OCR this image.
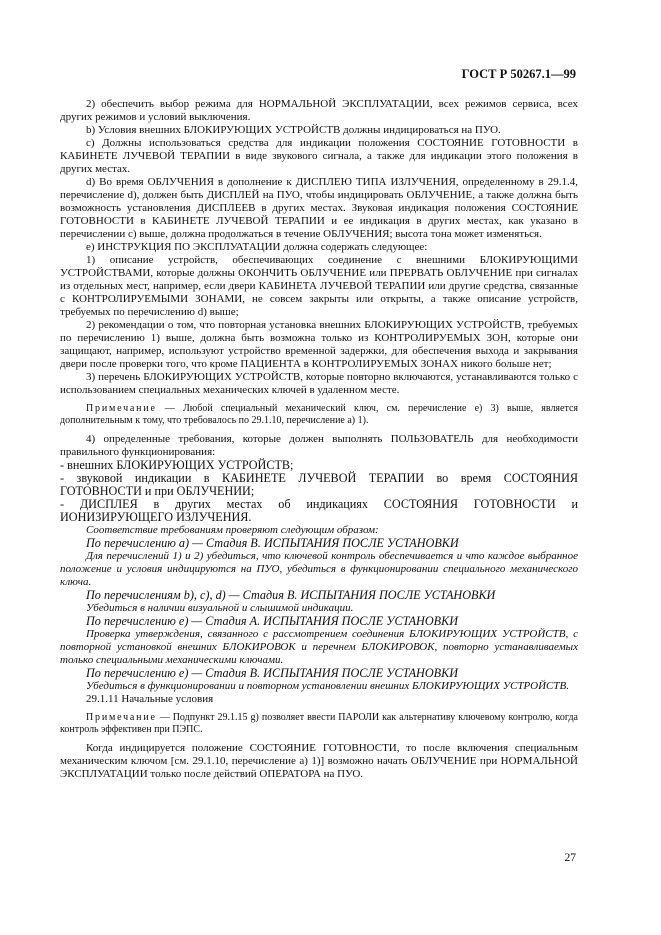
ГОСТ Р 50267.1—99

2) обеспечить выбор режима для НОРМАЛЬНОЙ ЭКСПЛУАТАЦИИ, всех режимов сервиса, всех других режимов и условий выключения.

b) Условия внешних БЛОКИРУЮЩИХ УСТРОЙСТВ должны индицироваться на ПУО.

с) Должны использоваться средства для индикации положения СОСТОЯНИЕ ГОТОВНОСТИ в КАБИНЕТЕ ЛУЧЕВОЙ ТЕРАПИИ в виде звукового сигнала, а также для индикации этого положения в других местах.

d) Во время ОБЛУЧЕНИЯ в дополнение к ДИСПЛЕЮ ТИПА ИЗЛУЧЕНИЯ, определенному в 29.1.4, перечисление d), должен быть ДИСПЛЕЙ на ПУО, чтобы индицировать ОБЛУЧЕНИЕ, а также должна быть возможность установления ДИСПЛЕЕВ в других местах. Звуковая индикация положения СОСТОЯНИЕ ГОТОВНОСТИ в КАБИНЕТЕ ЛУЧЕВОЙ ТЕРАПИИ и ее индикация в других местах, как указано в перечислении с) выше, должна продолжаться в течение ОБЛУЧЕНИЯ; высота тона может изменяться.

е) ИНСТРУКЦИЯ ПО ЭКСПЛУАТАЦИИ должна содержать следующее:

1) описание устройств, обеспечивающих соединение с внешними БЛОКИРУЮЩИМИ УСТРОЙСТВАМИ, которые должны ОКОНЧИТЬ ОБЛУЧЕНИЕ или ПРЕРВАТЬ ОБЛУЧЕНИЕ при сигналах из отдельных мест, например, если двери КАБИНЕТА ЛУЧЕВОЙ ТЕРАПИИ или другие средства, связанные с КОНТРОЛИРУЕМЫМИ ЗОНАМИ, не совсем закрыты или открыты, а также описание устройств, требуемых по перечислению d) выше;

2) рекомендации о том, что повторная установка внешних БЛОКИРУЮЩИХ УСТРОЙСТВ, требуемых по перечислению 1) выше, должна быть возможна только из КОНТРОЛИРУЕМЫХ ЗОН, которые они защищают, например, используют устройство временной задержки, для обеспечения выхода и закрывания двери после проверки того, что кроме ПАЦИЕНТА в КОНТРОЛИРУЕМЫХ ЗОНАХ никого больше нет;

3) перечень БЛОКИРУЮЩИХ УСТРОЙСТВ, которые повторно включаются, устанавливаются только с использованием специальных механических ключей в удаленном месте.

Примечание — Любой специальный механический ключ, см. перечисление е) 3) выше, является дополнительным к тому, что требовалось по 29.1.10, перечисление а) 1).

4) определенные требования, которые должен выполнять ПОЛЬЗОВАТЕЛЬ для необходимости правильного функционирования:

- внешних БЛОКИРУЮЩИХ УСТРОЙСТВ;

- звуковой индикации в КАБИНЕТЕ ЛУЧЕВОЙ ТЕРАПИИ во время СОСТОЯНИЯ ГОТОВНОСТИ и при ОБЛУЧЕНИИ;

- ДИСПЛЕЯ в других местах об индикациях СОСТОЯНИЯ ГОТОВНОСТИ и ИОНИЗИРУЮЩЕГО ИЗЛУЧЕНИЯ.

Соответствие требованиям проверяют следующим образом:

По перечислению а) — Стадия В. ИСПЫТАНИЯ ПОСЛЕ УСТАНОВКИ

Для перечислений 1) и 2) убедиться, что ключевой контроль обеспечивается и что каждое выбранное положение и условия индицируются на ПУО, убедиться в функционировании специального механического ключа.

По перечислениям b), c), d) — Стадия В. ИСПЫТАНИЯ ПОСЛЕ УСТАНОВКИ

Убедиться в наличии визуальной и слышимой индикации.

По перечислению е) — Стадия А. ИСПЫТАНИЯ ПОСЛЕ УСТАНОВКИ

Проверка утверждения, связанного с рассмотрением соединения БЛОКИРУЮЩИХ УСТРОЙСТВ, с повторной установкой внешних БЛОКИРОВОК и перечнем БЛОКИРОВОК, повторно устанавливаемых только специальными механическими ключами.

По перечислению е) — Стадия В. ИСПЫТАНИЯ ПОСЛЕ УСТАНОВКИ

Убедиться в функционировании и повторном установлении внешних БЛОКИРУЮЩИХ УСТРОЙСТВ.

29.1.11 Начальные условия

Примечание — Подпункт 29.1.15 g) позволяет ввести ПАРОЛИ как альтернативу ключевому контролю, когда контроль эффективен при ПЭПС.

Когда индицируется положение СОСТОЯНИЕ ГОТОВНОСТИ, то после включения специальным механическим ключом [см. 29.1.10, перечисление а) 1)] возможно начать ОБЛУЧЕНИЕ при НОРМАЛЬНОЙ ЭКСПЛУАТАЦИИ только после действий ОПЕРАТОРА на ПУО.

27
